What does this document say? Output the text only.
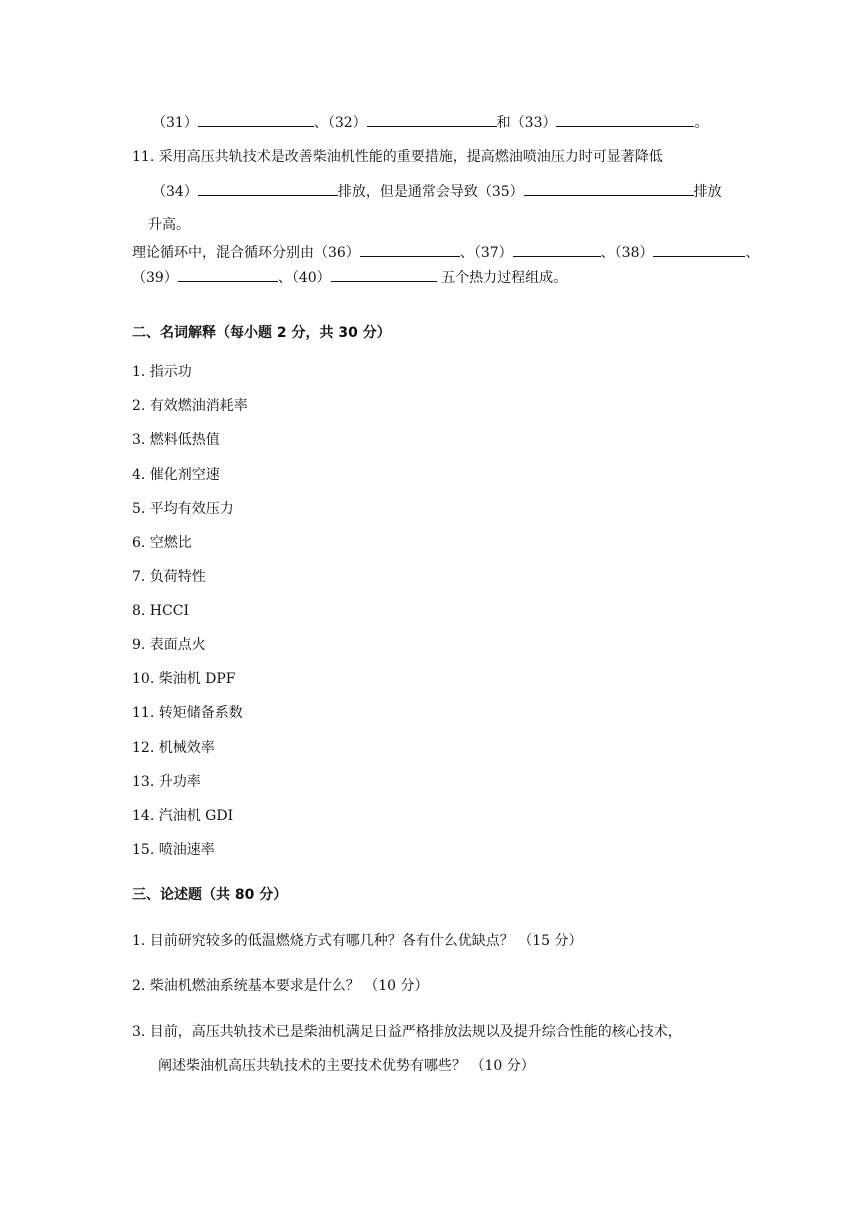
（31）	、（32）	和（33）	。
11. 采用高压共轨技术是改善柴油机性能的重要措施，提高燃油喷油压力时可显著降低
（34）	排放，但是通常会导致（35）	排放
升高。
理论循环中，混合循环分别由（36）	、（37）	、（38）	、
（39）	、（40）	五个热力过程组成。
二、名词解释（每小题 2 分，共 30 分）
1. 指示功
2. 有效燃油消耗率
3. 燃料低热值
4. 催化剂空速
5. 平均有效压力
6. 空燃比
7. 负荷特性
8. HCCI
9. 表面点火
10. 柴油机 DPF
11. 转矩储备系数
12. 机械效率
13. 升功率
14. 汽油机 GDI
15. 喷油速率
三、论述题（共 80 分）
1. 目前研究较多的低温燃烧方式有哪几种？各有什么优缺点？ （15 分）
2. 柴油机燃油系统基本要求是什么？ （10 分）
3. 目前，高压共轨技术已是柴油机满足日益严格排放法规以及提升综合性能的核心技术，
阐述柴油机高压共轨技术的主要技术优势有哪些？ （10 分）
